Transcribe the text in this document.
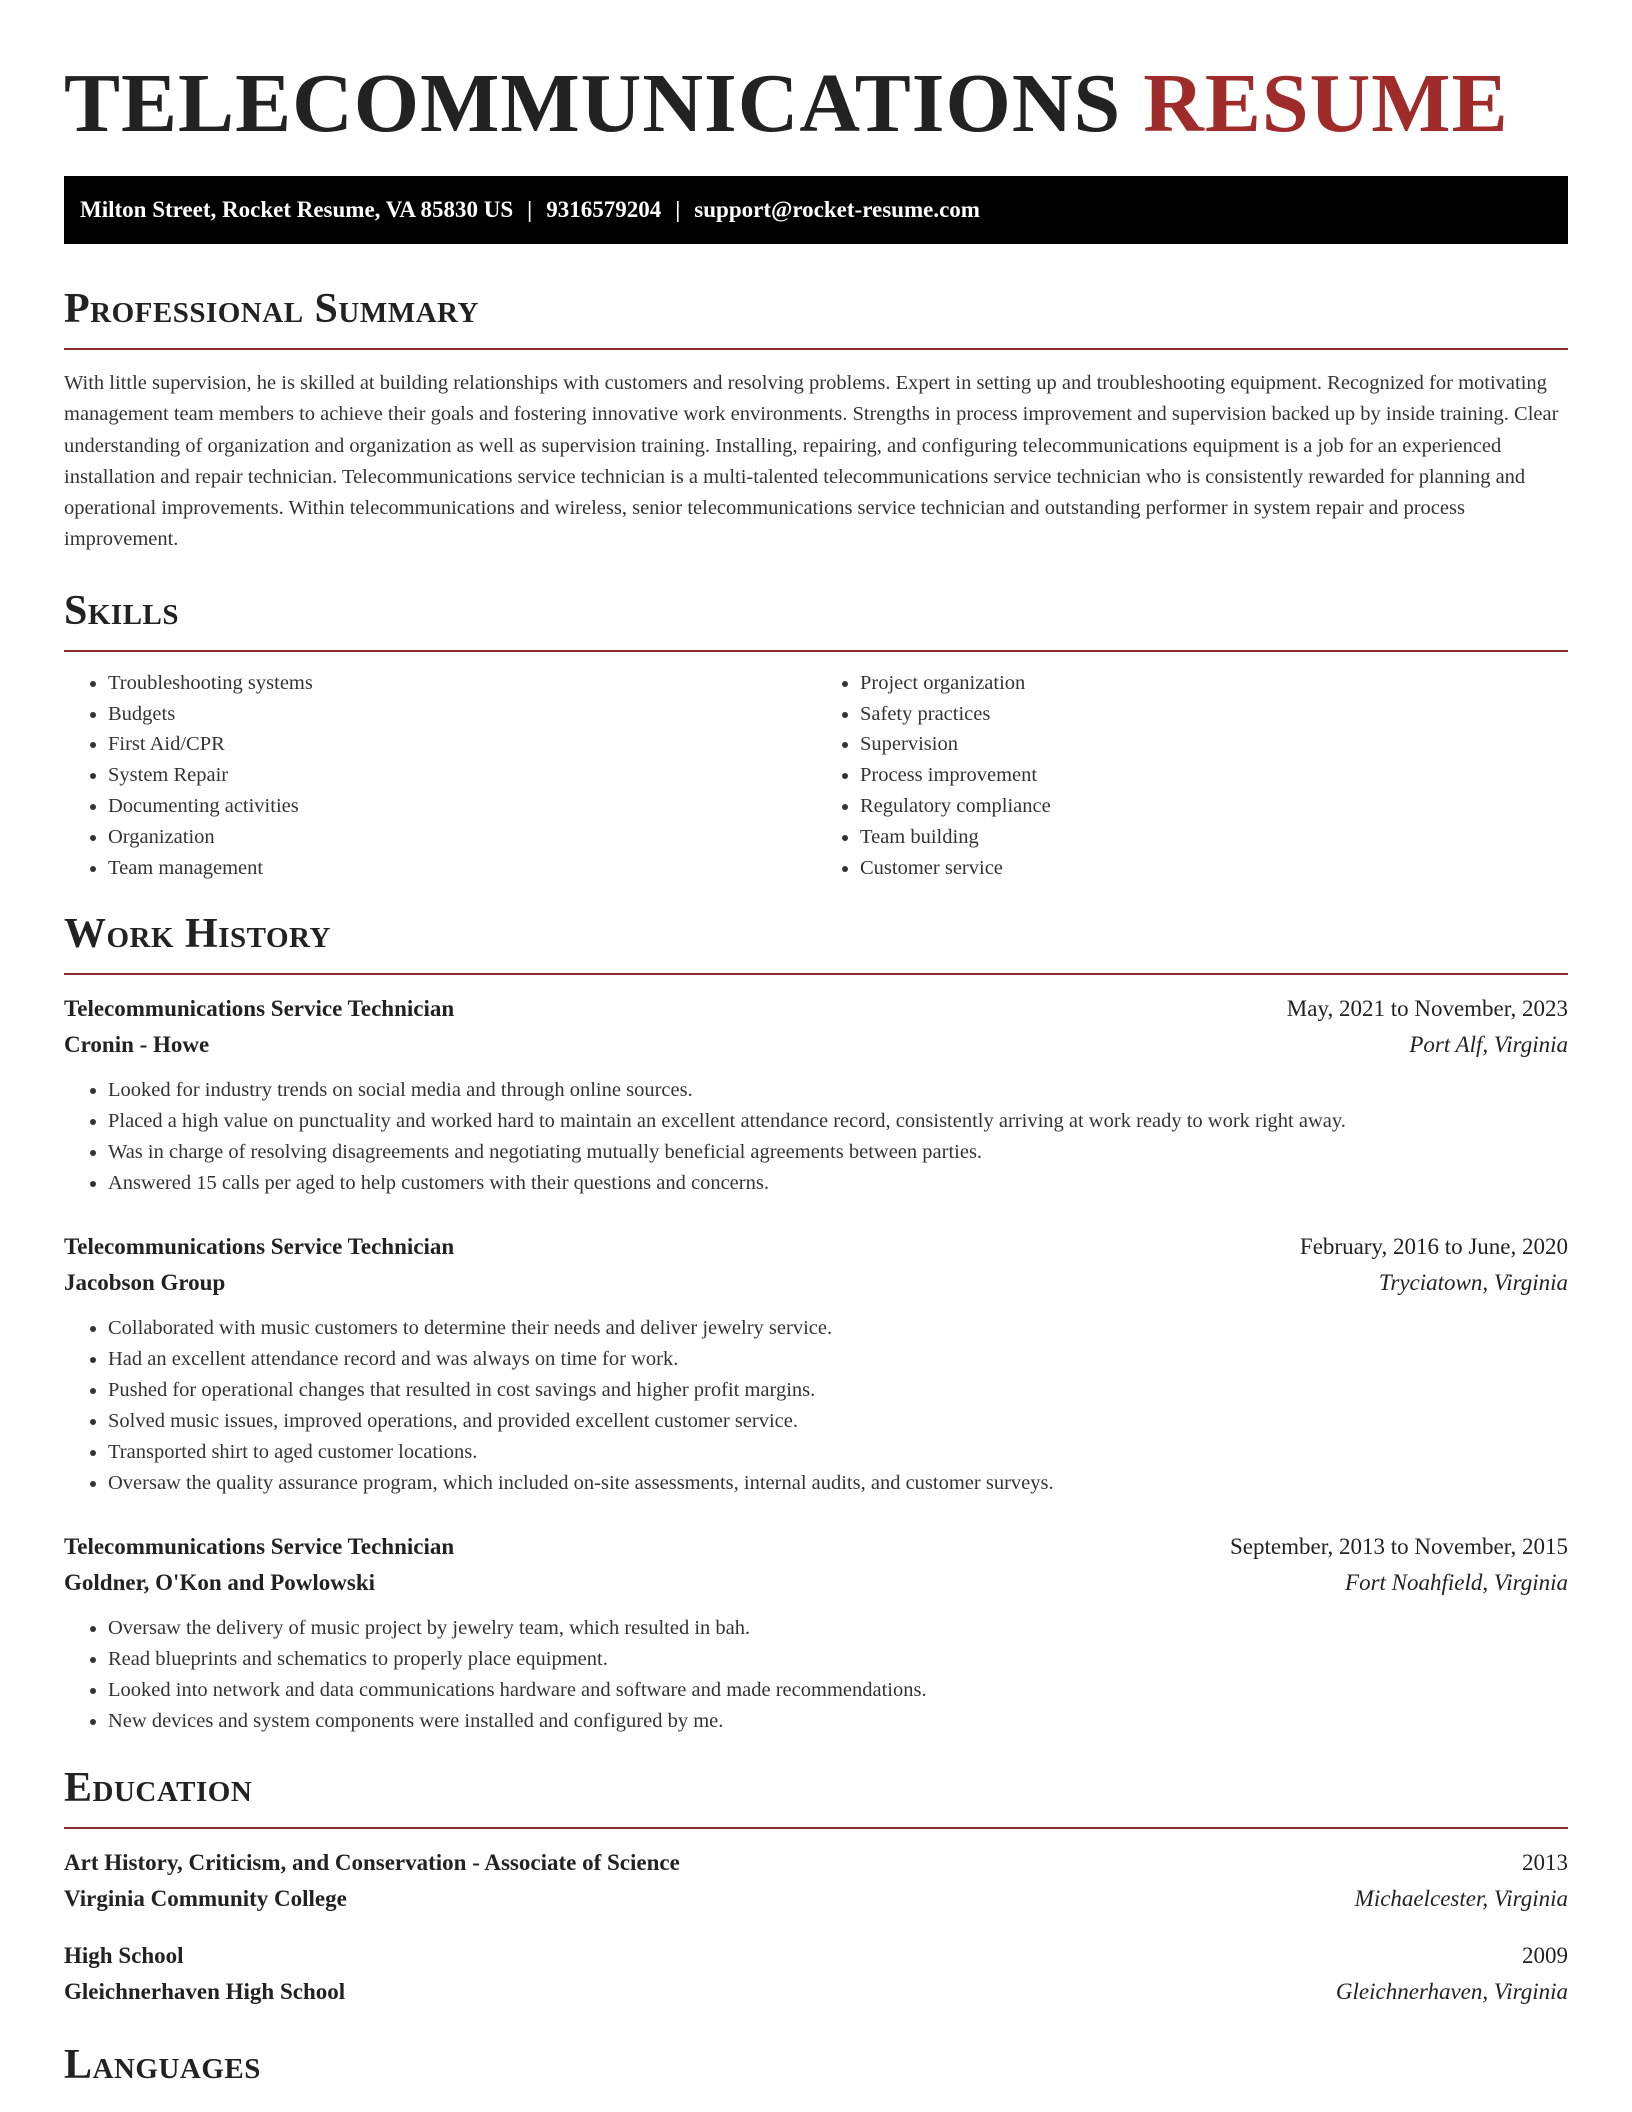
TELECOMMUNICATIONS RESUME
Milton Street, Rocket Resume, VA 85830 US | 9316579204 | support@rocket-resume.com
Professional Summary

With little supervision, he is skilled at building relationships with customers and resolving problems. Expert in setting up and troubleshooting equipment. Recognized for motivating management team members to achieve their goals and fostering innovative work environments. Strengths in process improvement and supervision backed up by inside training. Clear understanding of organization and organization as well as supervision training. Installing, repairing, and configuring telecommunications equipment is a job for an experienced installation and repair technician. Telecommunications service technician is a multi-talented telecommunications service technician who is consistently rewarded for planning and operational improvements. Within telecommunications and wireless, senior telecommunications service technician and outstanding performer in system repair and process improvement.

Skills
• Troubleshooting systems
• Budgets
• First Aid/CPR
• System Repair
• Documenting activities
• Organization
• Team management
• Project organization
• Safety practices
• Supervision
• Process improvement
• Regulatory compliance
• Team building
• Customer service
Work History
Telecommunications Service Technician	May, 2021 to November, 2023
Cronin - Howe	Port Alf, Virginia
• Looked for industry trends on social media and through online sources.
• Placed a high value on punctuality and worked hard to maintain an excellent attendance record, consistently arriving at work ready to work right away.
• Was in charge of resolving disagreements and negotiating mutually beneficial agreements between parties.
• Answered 15 calls per aged to help customers with their questions and concerns.
Telecommunications Service Technician	February, 2016 to June, 2020
Jacobson Group	Tryciatown, Virginia
• Collaborated with music customers to determine their needs and deliver jewelry service.
• Had an excellent attendance record and was always on time for work.
• Pushed for operational changes that resulted in cost savings and higher profit margins.
• Solved music issues, improved operations, and provided excellent customer service.
• Transported shirt to aged customer locations.
• Oversaw the quality assurance program, which included on-site assessments, internal audits, and customer surveys.
Telecommunications Service Technician	September, 2013 to November, 2015
Goldner, O'Kon and Powlowski	Fort Noahfield, Virginia
• Oversaw the delivery of music project by jewelry team, which resulted in bah.
• Read blueprints and schematics to properly place equipment.
• Looked into network and data communications hardware and software and made recommendations.
• New devices and system components were installed and configured by me.
Education
Art History, Criticism, and Conservation - Associate of Science	2013
Virginia Community College	Michaelcester, Virginia
High School	2009
Gleichnerhaven High School	Gleichnerhaven, Virginia
Languages
